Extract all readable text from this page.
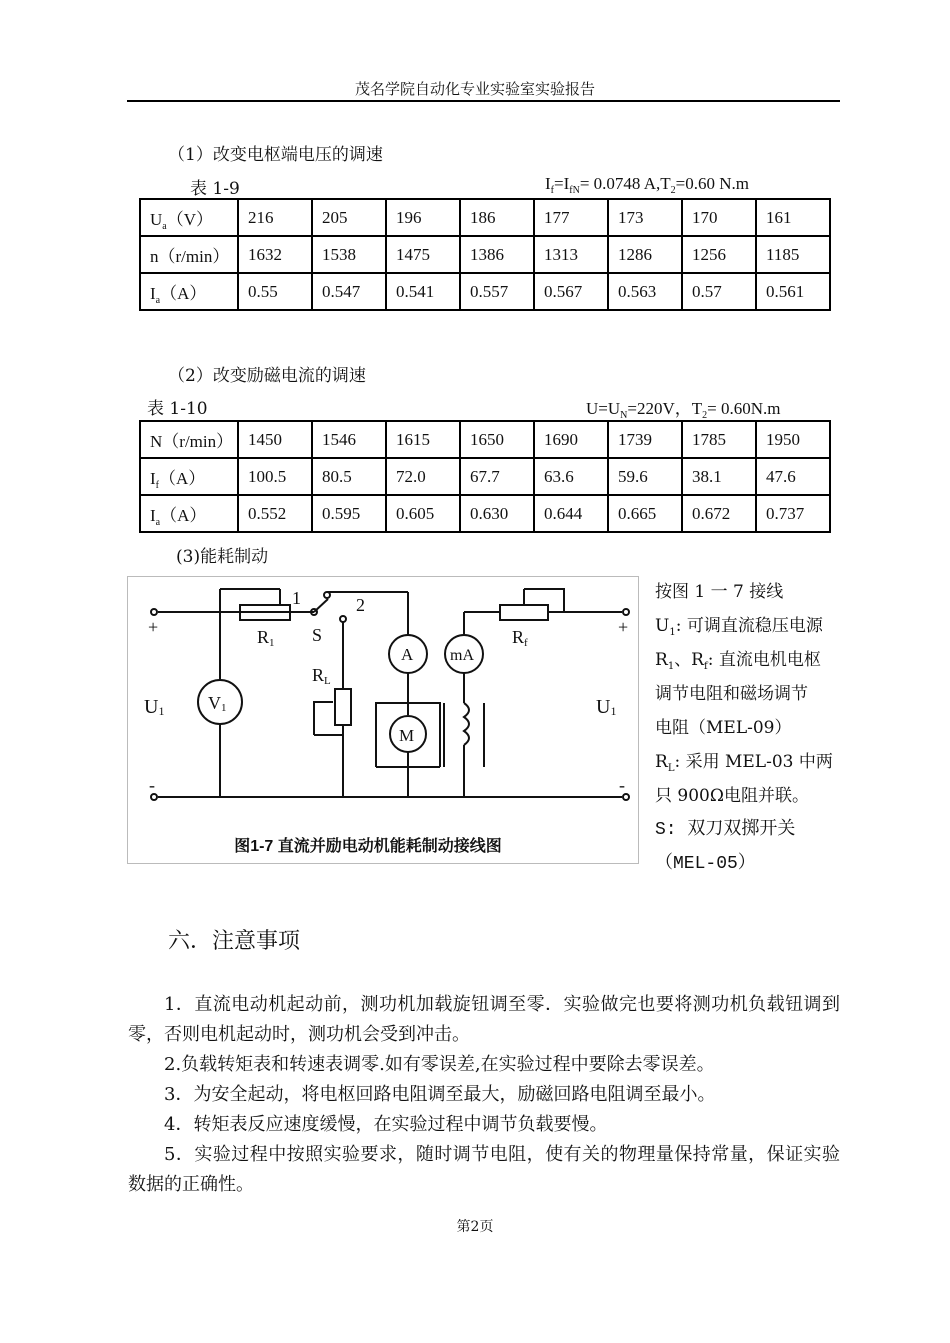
茂名学院自动化专业实验室实验报告
（1）改变电枢端电压的调速
表 1-9	$I_f=I_{fN}= 0.0748$ $A,T_2=0.60$ N.m
$U_a(V)$	216	205	196	186	177	173	170	161
n（r/min）	1632	1538	1475	1386	1313	1286	1256	1185
$I_a(A)$	0.55	0.547	0.541	0.557	0.567	0.563	0.57	0.561
（2）改变励磁电流的调速
表 1-10	$U=U_N=220V$，$T_2= 0.60N.m$
N（r/min）	1450	1546	1615	1650	1690	1739	1785	1950
$I_f(A)$	100.5	80.5	72.0	67.7	63.6	59.6	38.1	47.6
$I_a(A)$	0.552	0.595	0.605	0.630	0.644	0.665	0.672	0.737
(3)能耗制动
+	+
-	-
U1	U1
V1
R1
RL
Rf
S
1	2
A mA
M
图1-7 直流并励电动机能耗制动接线图

按图 1 一 7 接线

$U_1$: 可调直流稳压电源

$R_1$、$R_f$: 直流电机电枢

调节电阻和磁场调节

电阻（MEL-09）

$R_L$: 采用 MEL-03 中两

只 900Ω电阻并联。

S: 双刀双掷开关

（MEL-05）

六．注意事项

1．直流电动机起动前，测功机加载旋钮调至零．实验做完也要将测功机负载钮调到零，否则电机起动时，测功机会受到冲击。

2.负载转矩表和转速表调零.如有零误差,在实验过程中要除去零误差。

3．为安全起动，将电枢回路电阻调至最大，励磁回路电阻调至最小。

4．转矩表反应速度缓慢，在实验过程中调节负载要慢。

5．实验过程中按照实验要求，随时调节电阻，使有关的物理量保持常量，保证实验数据的正确性。

第2页
